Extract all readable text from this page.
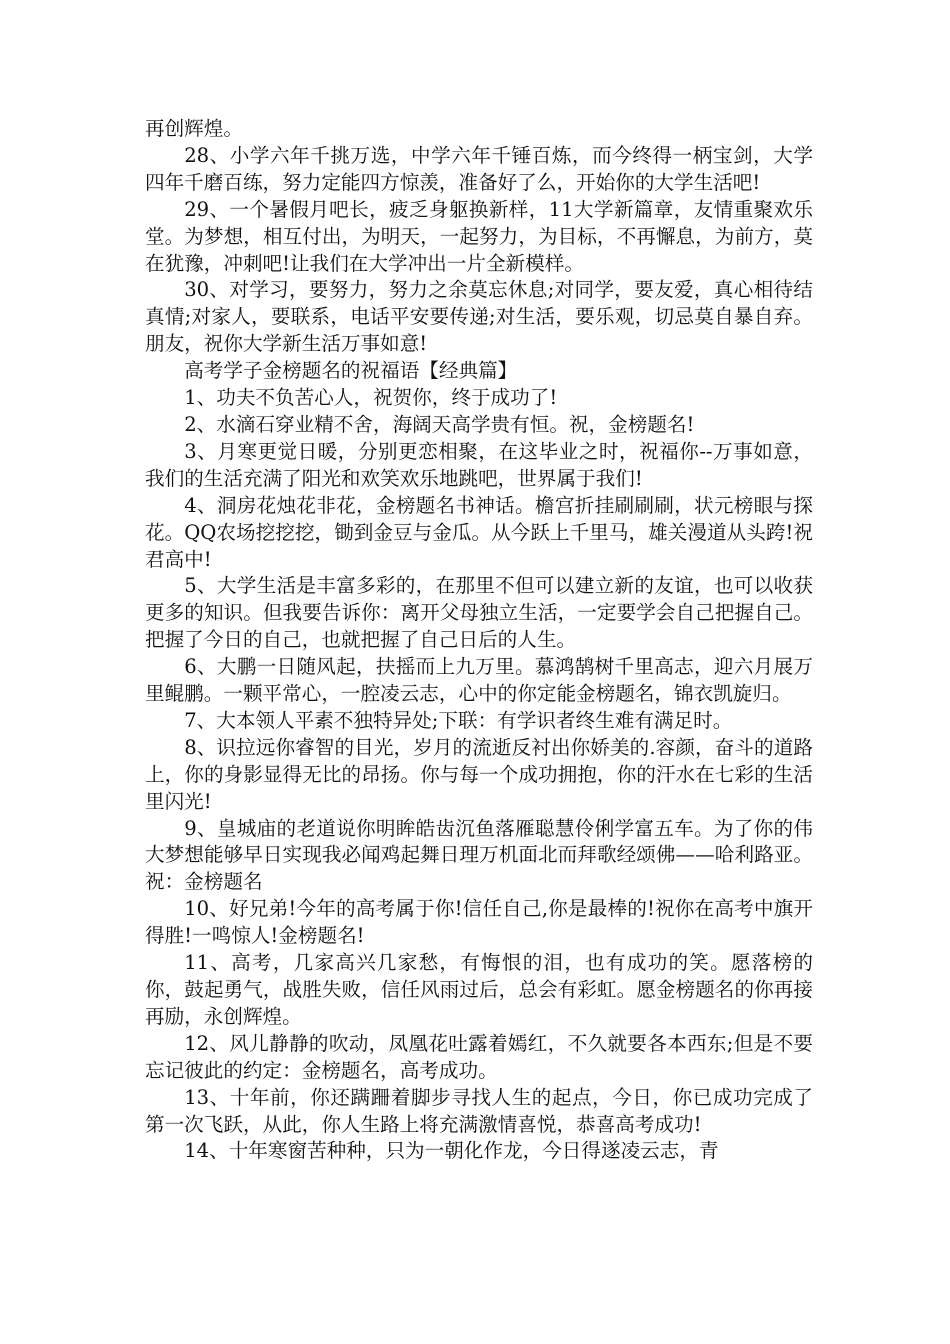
再创辉煌。

28、小学六年千挑万选，中学六年千锤百炼，而今终得一柄宝剑，大学四年千磨百练，努力定能四方惊羡，准备好了么，开始你的大学生活吧!

29、一个暑假月吧长，疲乏身躯换新样，11大学新篇章，友情重聚欢乐堂。为梦想，相互付出，为明天，一起努力，为目标，不再懈息，为前方，莫在犹豫，冲刺吧!让我们在大学冲出一片全新模样。

30、对学习，要努力，努力之余莫忘休息;对同学，要友爱，真心相待结真情;对家人，要联系，电话平安要传递;对生活，要乐观，切忌莫自暴自弃。朋友，祝你大学新生活万事如意!

高考学子金榜题名的祝福语【经典篇】

1、功夫不负苦心人，祝贺你，终于成功了!

2、水滴石穿业精不舍，海阔天高学贵有恒。祝，金榜题名!

3、月寒更觉日暖，分别更恋相聚，在这毕业之时，祝福你--万事如意，我们的生活充满了阳光和欢笑欢乐地跳吧，世界属于我们!

4、洞房花烛花非花，金榜题名书神话。檐宫折挂刷刷刷，状元榜眼与探花。QQ农场挖挖挖，锄到金豆与金瓜。从今跃上千里马，雄关漫道从头跨!祝君高中!

5、大学生活是丰富多彩的，在那里不但可以建立新的友谊，也可以收获更多的知识。但我要告诉你：离开父母独立生活，一定要学会自己把握自己。把握了今日的自己，也就把握了自己日后的人生。

6、大鹏一日随风起，扶摇而上九万里。慕鸿鹄树千里高志，迎六月展万里鲲鹏。一颗平常心，一腔凌云志，心中的你定能金榜题名，锦衣凯旋归。

7、大本领人平素不独特异处;下联：有学识者终生难有满足时。

8、识拉远你睿智的目光，岁月的流逝反衬出你娇美的.容颜，奋斗的道路上，你的身影显得无比的昂扬。你与每一个成功拥抱，你的汗水在七彩的生活里闪光!

9、皇城庙的老道说你明眸皓齿沉鱼落雁聪慧伶俐学富五车。为了你的伟大梦想能够早日实现我必闻鸡起舞日理万机面北而拜歌经颂佛——哈利路亚。祝：金榜题名

10、好兄弟!今年的高考属于你!信任自己,你是最棒的!祝你在高考中旗开得胜!一鸣惊人!金榜题名!

11、高考，几家高兴几家愁，有悔恨的泪，也有成功的笑。愿落榜的你，鼓起勇气，战胜失败，信任风雨过后，总会有彩虹。愿金榜题名的你再接再励，永创辉煌。

12、风儿静静的吹动，凤凰花吐露着嫣红，不久就要各本西东;但是不要忘记彼此的约定：金榜题名，高考成功。

13、十年前，你还蹒跚着脚步寻找人生的起点，今日，你已成功完成了第一次飞跃，从此，你人生路上将充满激情喜悦，恭喜高考成功!

14、十年寒窗苦种种，只为一朝化作龙，今日得遂凌云志，青
